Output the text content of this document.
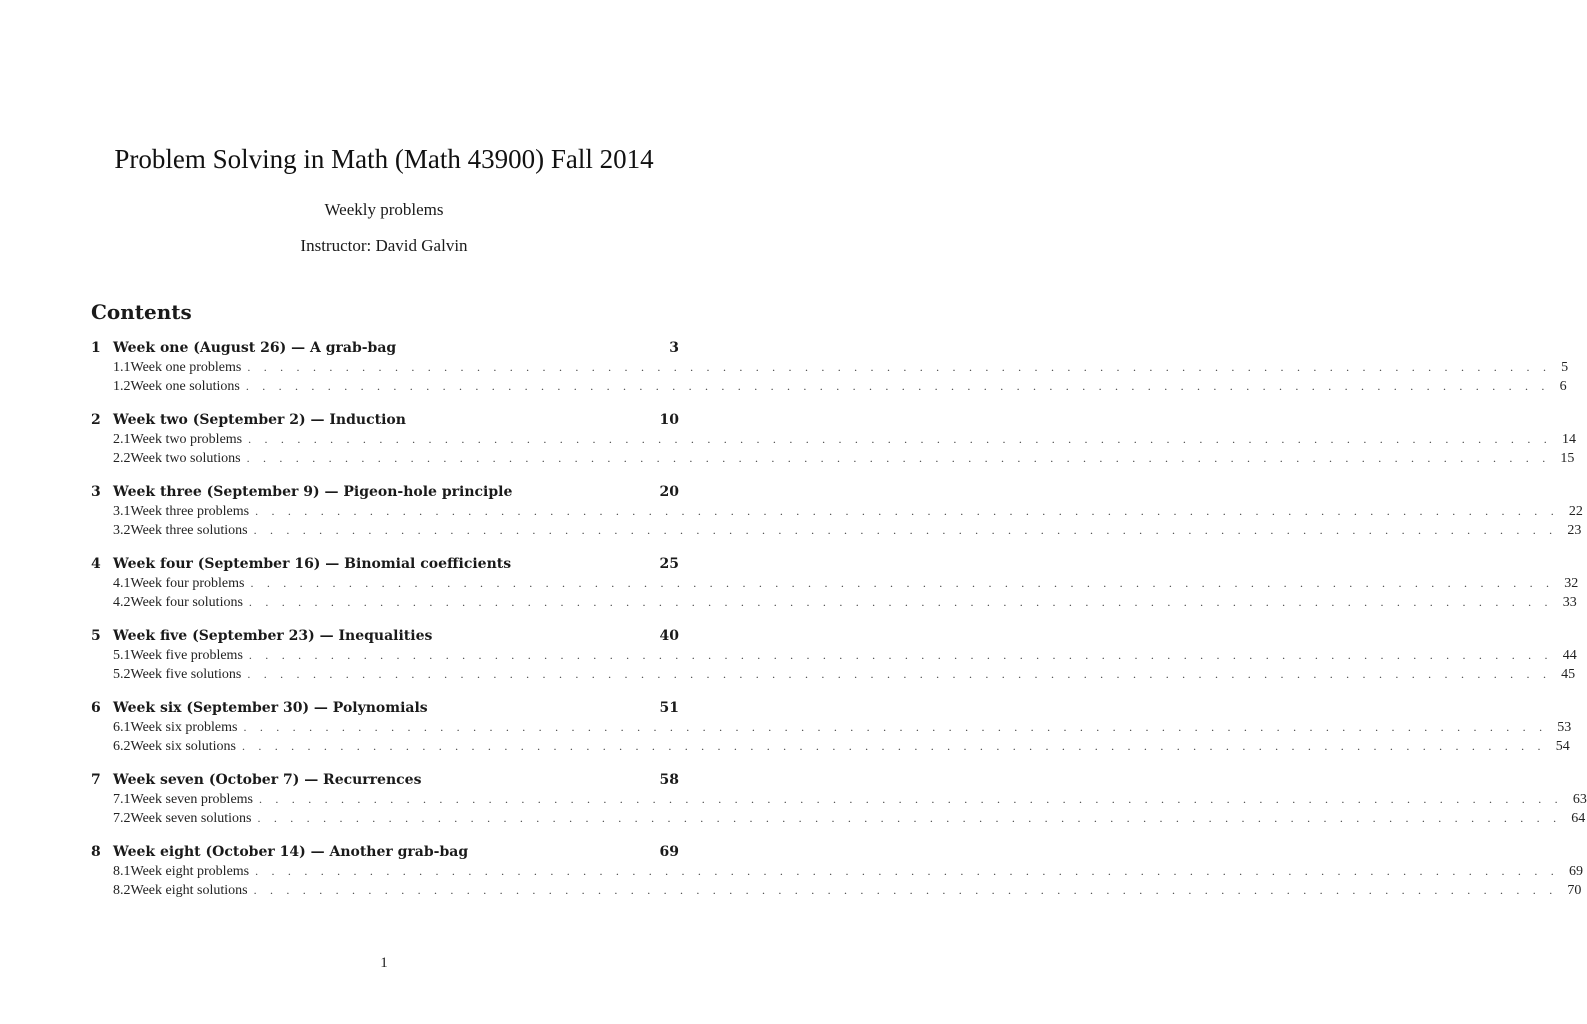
Problem Solving in Math (Math 43900) Fall 2014
Weekly problems
Instructor: David Galvin
Contents
1 Week one (August 26) — A grab-bag	3
1.1 Week one problems . . . . . . . . . . . . . . . . . . . . . . . . . . . . . . . . . . . . . . . . . . . . . . . . . . . . . . . . . . . . . . . . . . . . . . . . . . . . . . . . 5
1.2 Week one solutions . . . . . . . . . . . . . . . . . . . . . . . . . . . . . . . . . . . . . . . . . . . . . . . . . . . . . . . . . . . . . . . . . . . . . . . . . . . . . . . . 6
2 Week two (September 2) — Induction	10
2.1 Week two problems . . . . . . . . . . . . . . . . . . . . . . . . . . . . . . . . . . . . . . . . . . . . . . . . . . . . . . . . . . . . . . . . . . . . . . . . . . . . . . . . 14
2.2 Week two solutions . . . . . . . . . . . . . . . . . . . . . . . . . . . . . . . . . . . . . . . . . . . . . . . . . . . . . . . . . . . . . . . . . . . . . . . . . . . . . . . . 15
3 Week three (September 9) — Pigeon-hole principle	20
3.1 Week three problems . . . . . . . . . . . . . . . . . . . . . . . . . . . . . . . . . . . . . . . . . . . . . . . . . . . . . . . . . . . . . . . . . . . . . . . . . . . . . . . . 22
3.2 Week three solutions . . . . . . . . . . . . . . . . . . . . . . . . . . . . . . . . . . . . . . . . . . . . . . . . . . . . . . . . . . . . . . . . . . . . . . . . . . . . . . . . 23
4 Week four (September 16) — Binomial coefficients	25
4.1 Week four problems . . . . . . . . . . . . . . . . . . . . . . . . . . . . . . . . . . . . . . . . . . . . . . . . . . . . . . . . . . . . . . . . . . . . . . . . . . . . . . . . 32
4.2 Week four solutions . . . . . . . . . . . . . . . . . . . . . . . . . . . . . . . . . . . . . . . . . . . . . . . . . . . . . . . . . . . . . . . . . . . . . . . . . . . . . . . . 33
5 Week five (September 23) — Inequalities	40
5.1 Week five problems . . . . . . . . . . . . . . . . . . . . . . . . . . . . . . . . . . . . . . . . . . . . . . . . . . . . . . . . . . . . . . . . . . . . . . . . . . . . . . . . 44
5.2 Week five solutions . . . . . . . . . . . . . . . . . . . . . . . . . . . . . . . . . . . . . . . . . . . . . . . . . . . . . . . . . . . . . . . . . . . . . . . . . . . . . . . . 45
6 Week six (September 30) — Polynomials	51
6.1 Week six problems . . . . . . . . . . . . . . . . . . . . . . . . . . . . . . . . . . . . . . . . . . . . . . . . . . . . . . . . . . . . . . . . . . . . . . . . . . . . . . . . 53
6.2 Week six solutions . . . . . . . . . . . . . . . . . . . . . . . . . . . . . . . . . . . . . . . . . . . . . . . . . . . . . . . . . . . . . . . . . . . . . . . . . . . . . . . . 54
7 Week seven (October 7) — Recurrences	58
7.1 Week seven problems . . . . . . . . . . . . . . . . . . . . . . . . . . . . . . . . . . . . . . . . . . . . . . . . . . . . . . . . . . . . . . . . . . . . . . . . . . . . . . . . 63
7.2 Week seven solutions . . . . . . . . . . . . . . . . . . . . . . . . . . . . . . . . . . . . . . . . . . . . . . . . . . . . . . . . . . . . . . . . . . . . . . . . . . . . . . . . 64
8 Week eight (October 14) — Another grab-bag	69
8.1 Week eight problems . . . . . . . . . . . . . . . . . . . . . . . . . . . . . . . . . . . . . . . . . . . . . . . . . . . . . . . . . . . . . . . . . . . . . . . . . . . . . . . . 69
8.2 Week eight solutions . . . . . . . . . . . . . . . . . . . . . . . . . . . . . . . . . . . . . . . . . . . . . . . . . . . . . . . . . . . . . . . . . . . . . . . . . . . . . . . . 70
1
